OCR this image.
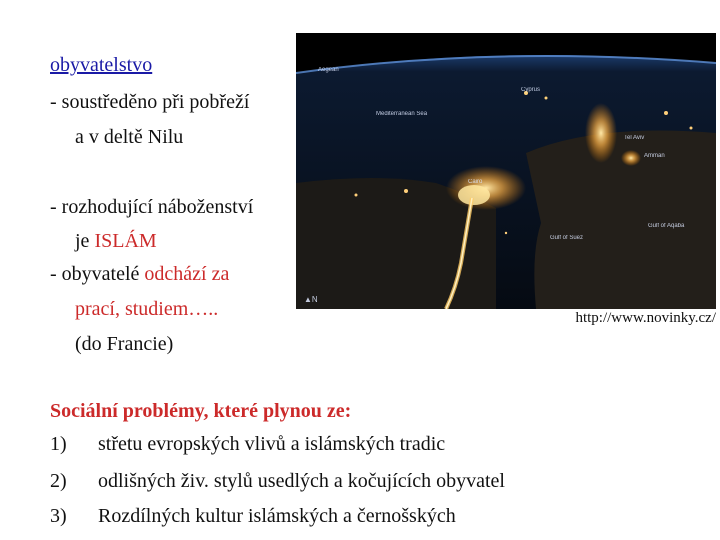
obyvatelstvo
- soustředěno při pobřeží
a v deltě Nilu
- rozhodující náboženství
je ISLÁM
- obyvatelé odchází za
prací, studiem…..
(do Francie)
Aegean
Cyprus
Mediterranean Sea
Tel Aviv
Amman
Cairo
Gulf of Suez
Gulf of Aqaba
▲N
http://www.novinky.cz/
Sociální problémy, které plynou ze:
1) střetu evropských vlivů a islámských tradic
2) odlišných živ. stylů usedlých a kočujících obyvatel
3) Rozdílných kultur islámských a černošských
